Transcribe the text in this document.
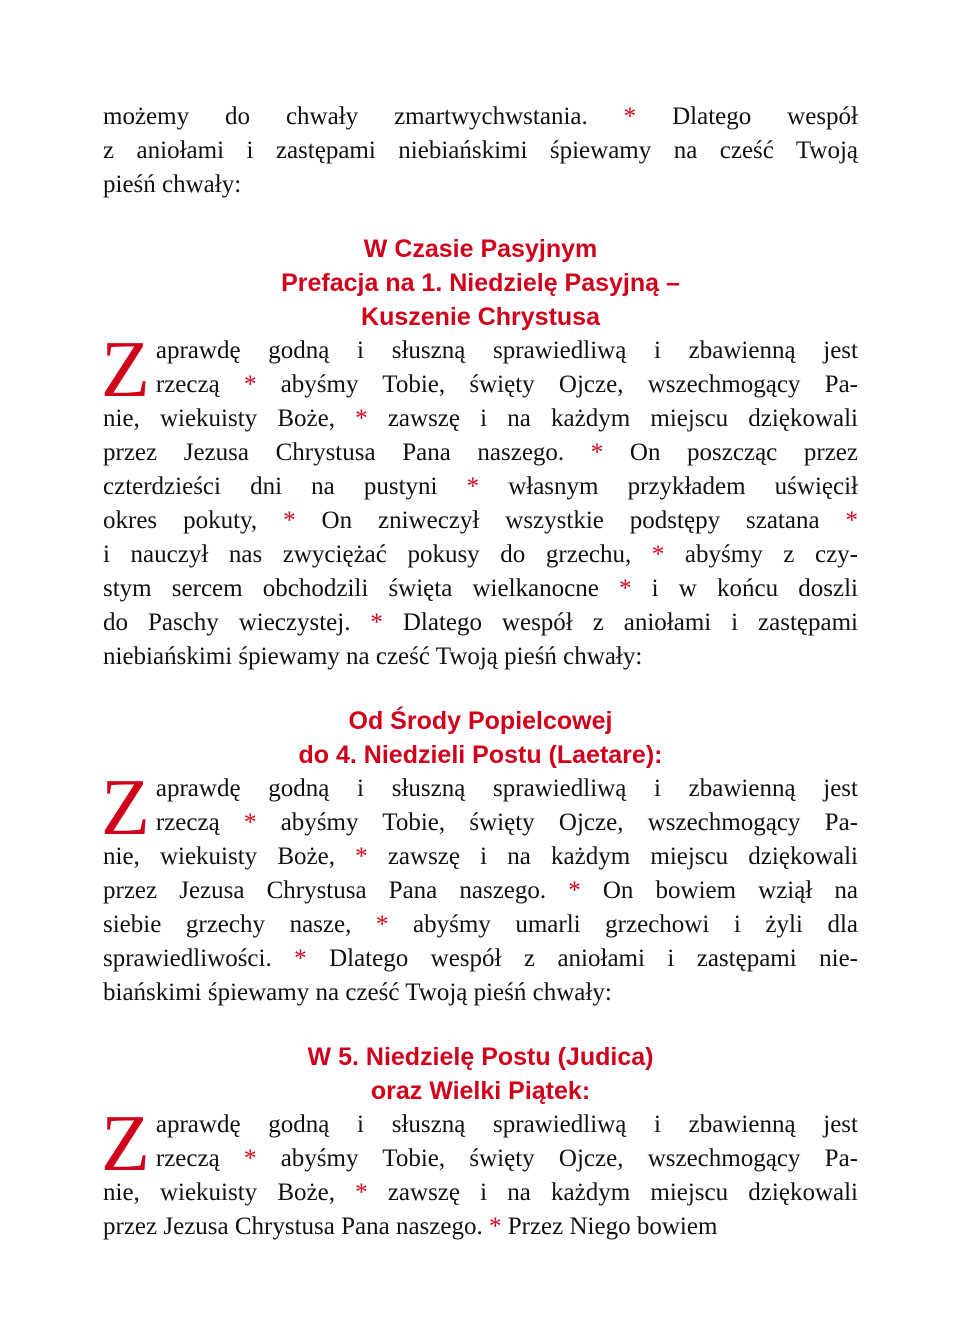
możemy do chwały zmartwychwstania. * Dlatego wespół
z aniołami i zastępami niebiańskimi śpiewamy na cześć Twoją
pieśń chwały:

W Czasie Pasyjnym

Prefacja na 1. Niedzielę Pasyjną –

Kuszenie Chrystusa

Z aprawdę godną i słuszną sprawiedliwą i zbawienną jest
rzeczą * abyśmy Tobie, święty Ojcze, wszechmogący Pa-
nie, wiekuisty Boże, * zawszę i na każdym miejscu dziękowali
przez Jezusa Chrystusa Pana naszego. * On poszcząc przez
czterdzieści dni na pustyni * własnym przykładem uświęcił
okres pokuty, * On zniweczył wszystkie podstępy szatana *
i nauczył nas zwyciężać pokusy do grzechu, * abyśmy z czy-
stym sercem obchodzili święta wielkanocne * i w końcu doszli
do Paschy wieczystej. * Dlatego wespół z aniołami i zastępami
niebiańskimi śpiewamy na cześć Twoją pieśń chwały:

Od Środy Popielcowej

do 4. Niedzieli Postu (Laetare):

Z aprawdę godną i słuszną sprawiedliwą i zbawienną jest
rzeczą * abyśmy Tobie, święty Ojcze, wszechmogący Pa-
nie, wiekuisty Boże, * zawszę i na każdym miejscu dziękowali
przez Jezusa Chrystusa Pana naszego. * On bowiem wziął na
siebie grzechy nasze, * abyśmy umarli grzechowi i żyli dla
sprawiedliwości. * Dlatego wespół z aniołami i zastępami nie-
biańskimi śpiewamy na cześć Twoją pieśń chwały:

W 5. Niedzielę Postu (Judica)

oraz Wielki Piątek:

Z aprawdę godną i słuszną sprawiedliwą i zbawienną jest
rzeczą * abyśmy Tobie, święty Ojcze, wszechmogący Pa-
nie, wiekuisty Boże, * zawszę i na każdym miejscu dziękowali
przez Jezusa Chrystusa Pana naszego. * Przez Niego bowiem
